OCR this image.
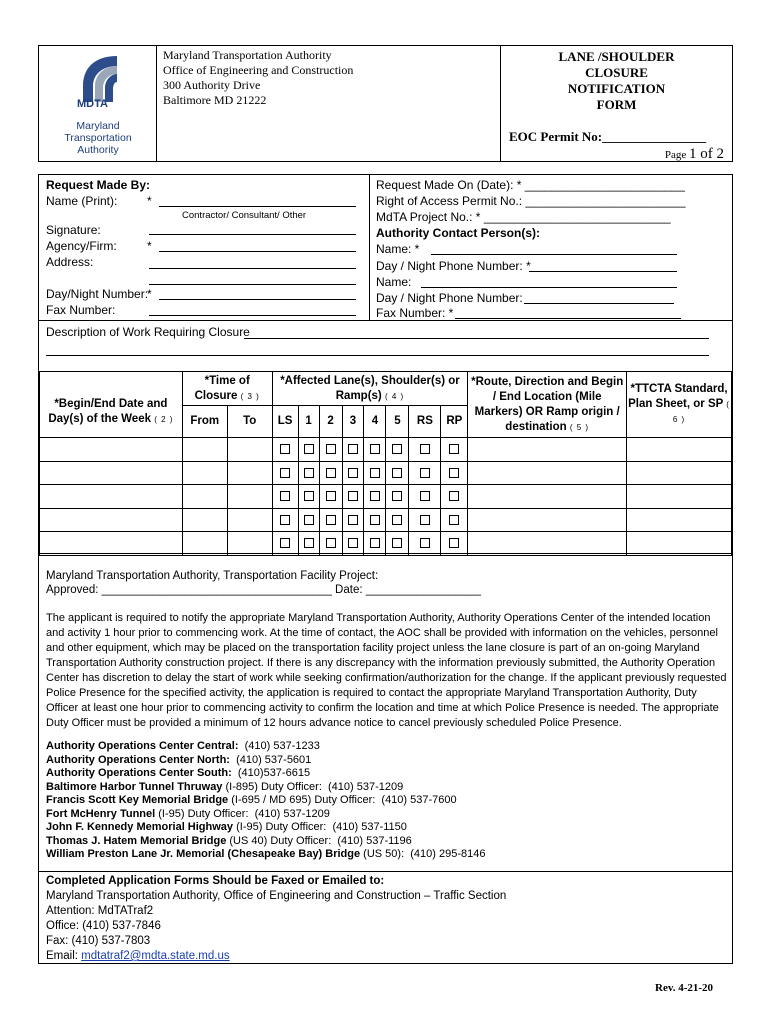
MDTA
Maryland
Transportation
Authority
Maryland Transportation Authority
Office of Engineering and Construction
300 Authority Drive
Baltimore MD 21222
LANE /SHOULDER
CLOSURE
NOTIFICATION
FORM
EOC Permit No:________________
Page 1 of 2
Request Made By:
Name (Print): *
Contractor/ Consultant/ Other
Signature:
Agency/Firm:	*
Address:
Day/Night Number:
*
Fax Number:
Request Made On (Date): * ________________________
Right of Access Permit No.: ________________________
MdTA Project No.: * ____________________________
Authority Contact Person(s):
Name: *
Day / Night Phone Number: *
Name:
Day / Night Phone Number:
Fax Number: *
Description of Work Requiring Closure
*Begin/End Date and Day(s) of the Week ( 2 )	*Time of Closure ( 3 )		*Affected Lane(s), Shoulder(s) or Ramp(s) ( 4 )								*Route, Direction and Begin / End Location (Mile Markers) OR Ramp origin / destination ( 5 )	*TTCTA Standard, Plan Sheet, or SP ( 6 )
	From	To	LS	1	2	3	4	5	RS	RP		

Maryland Transportation Authority, Transportation Facility Project:
Approved: ____________________________________ Date: __________________
The applicant is required to notify the appropriate Maryland Transportation Authority, Authority Operations Center of the intended location and activity 1 hour prior to commencing work. At the time of contact, the AOC shall be provided with information on the vehicles, personnel and other equipment, which may be placed on the transportation facility project unless the lane closure is part of an on-going Maryland Transportation Authority construction project. If there is any discrepancy with the information previously submitted, the Authority Operation Center has discretion to delay the start of work while seeking confirmation/authorization for the change. If the applicant previously requested Police Presence for the specified activity, the application is required to contact the appropriate Maryland Transportation Authority, Duty Officer at least one hour prior to commencing activity to confirm the location and time at which Police Presence is needed. The appropriate Duty Officer must be provided a minimum of 12 hours advance notice to cancel previously scheduled Police Presence.
Authority Operations Center Central:  (410) 537-1233
Authority Operations Center North:  (410) 537-5601
Authority Operations Center South:  (410)537-6615
Baltimore Harbor Tunnel Thruway (I-895) Duty Officer:  (410) 537-1209
Francis Scott Key Memorial Bridge (I-695 / MD 695) Duty Officer:  (410) 537-7600
Fort McHenry Tunnel (I-95) Duty Officer:  (410) 537-1209
John F. Kennedy Memorial Highway (I-95) Duty Officer:  (410) 537-1150
Thomas J. Hatem Memorial Bridge (US 40) Duty Officer:  (410) 537-1196
William Preston Lane Jr. Memorial (Chesapeake Bay) Bridge (US 50):  (410) 295-8146
Completed Application Forms Should be Faxed or Emailed to:
Maryland Transportation Authority, Office of Engineering and Construction – Traffic Section
Attention: MdTATraf2
Office: (410) 537-7846
Fax: (410) 537-7803
Email: mdtatraf2@mdta.state.md.us
Rev. 4-21-20
